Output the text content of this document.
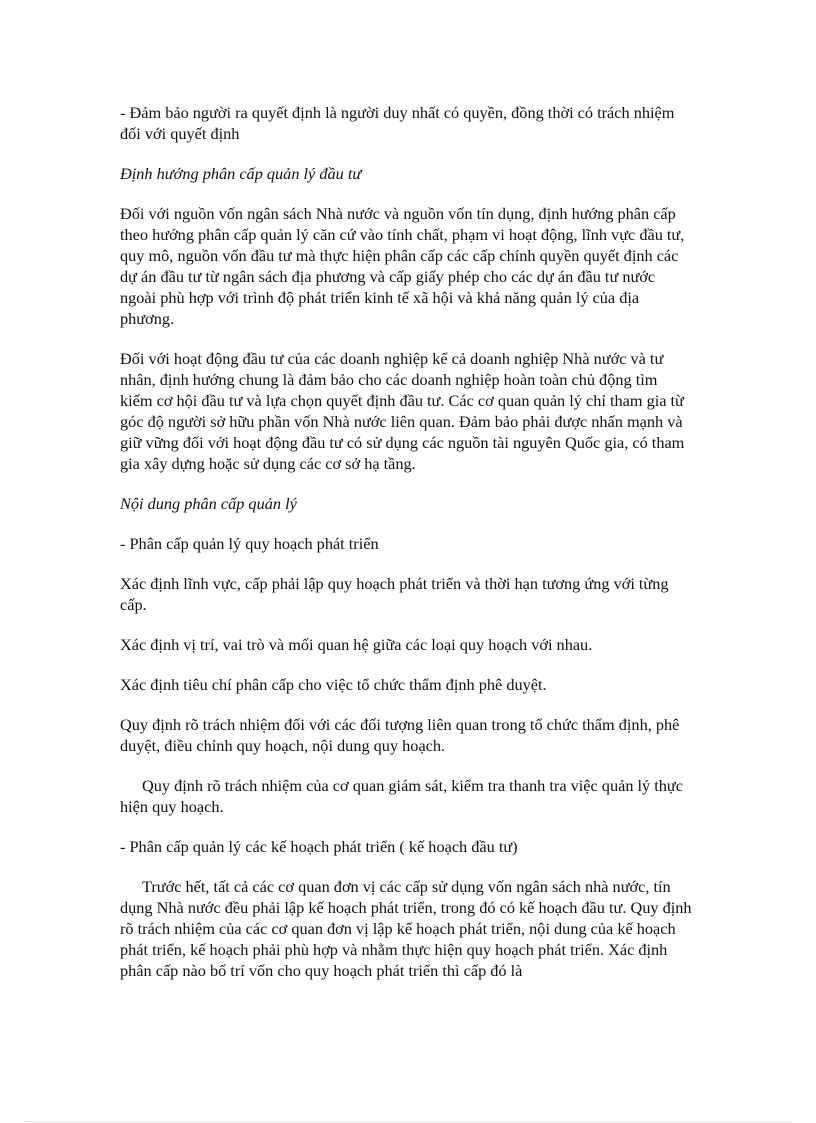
- Đảm bảo người ra quyết định là người duy nhất có quyền, đồng thời có trách nhiệm đối với quyết định

Định hướng phân cấp quản lý đầu tư

Đối với nguồn vốn ngân sách Nhà nước và nguồn vốn tín dụng, định hướng phân cấp theo hướng phân cấp quản lý căn cứ vào tính chất, phạm vi hoạt động, lĩnh vực đầu tư, quy mô, nguồn vốn đầu tư mà thực hiện phân cấp các cấp chính quyền quyết định các dự án đầu tư từ ngân sách địa phương và cấp giấy phép cho các dự án đầu tư nước ngoài phù hợp với trình độ phát triển kinh tế xã hội và khả năng quản lý của địa phương.

Đối với hoạt động đầu tư của các doanh nghiệp kể cả doanh nghiệp Nhà nước và tư nhân, định hướng chung là đảm bảo cho các doanh nghiệp hoàn toàn chủ động tìm kiếm cơ hội đầu tư và lựa chọn quyết định đầu tư. Các cơ quan quản lý chỉ tham gia từ góc độ người sở hữu phần vốn Nhà nước liên quan. Đảm bảo phải được nhấn mạnh và giữ vững đối với hoạt động đầu tư có sử dụng các nguồn tài nguyên Quốc gia, có tham gia xây dựng hoặc sử dụng các cơ sở hạ tầng.

Nội dung phân cấp quản lý

- Phân cấp quản lý quy hoạch phát triển

Xác định lĩnh vực, cấp phải lập quy hoạch phát triển và thời hạn tương ứng với từng cấp.

Xác định vị trí, vai trò và mối quan hệ giữa các loại quy hoạch với nhau.

Xác định tiêu chí phân cấp cho việc tổ chức thẩm định phê duyệt.

Quy định rõ trách nhiệm đối với các đối tượng liên quan trong tổ chức thẩm định, phê duyệt, điều chỉnh quy hoạch, nội dung quy hoạch.

Quy định rõ trách nhiệm của cơ quan giám sát, kiểm tra thanh tra việc quản lý thực hiện quy hoạch.

- Phân cấp quản lý các kế hoạch phát triển ( kế hoạch đầu tư)

Trước hết, tất cả các cơ quan đơn vị các cấp sử dụng vốn ngân sách nhà nước, tín dụng Nhà nước đều phải lập kế hoạch phát triển, trong đó có kế hoạch đầu tư. Quy định rõ trách nhiệm của các cơ quan đơn vị lập kế hoạch phát triển, nội dung của kế hoạch phát triển, kế hoạch phải phù hợp và nhằm thực hiện quy hoạch phát triển. Xác định phân cấp nào bố trí vốn cho quy hoạch phát triển thì cấp đó là
